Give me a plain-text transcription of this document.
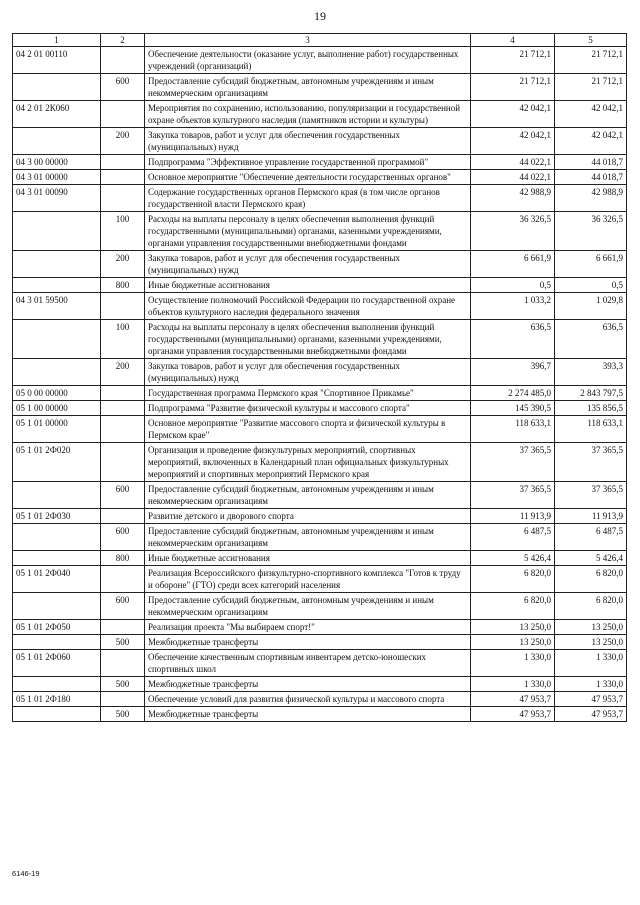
19
1	2	3	4	5
04 2 01 00110		Обеспечение деятельности (оказание услуг, выполнение работ) государственных учреждений (организаций)	21 712,1	21 712,1
	600	Предоставление субсидий бюджетным, автономным учреждениям и иным некоммерческим организациям	21 712,1	21 712,1
04 2 01 2К060		Мероприятия по сохранению, использованию, популяризации и государственной охране объектов культурного наследия (памятников истории и культуры)	42 042,1	42 042,1
	200	Закупка товаров, работ и услуг для обеспечения государственных (муниципальных) нужд	42 042,1	42 042,1
04 3 00 00000		Подпрограмма "Эффективное управление государственной программой"	44 022,1	44 018,7
04 3 01 00000		Основное мероприятие "Обеспечение деятельности государственных органов"	44 022,1	44 018,7
04 3 01 00090		Содержание государственных органов Пермского края (в том числе органов государственной власти Пермского края)	42 988,9	42 988,9
	100	Расходы на выплаты персоналу в целях обеспечения выполнения функций государственными (муниципальными) органами, казенными учреждениями, органами управления государственными внебюджетными фондами	36 326,5	36 326,5
	200	Закупка товаров, работ и услуг для обеспечения государственных (муниципальных) нужд	6 661,9	6 661,9
	800	Иные бюджетные ассигнования	0,5	0,5
04 3 01 59500		Осуществление полномочий Российской Федерации по государственной охране объектов культурного наследия федерального значения	1 033,2	1 029,8
	100	Расходы на выплаты персоналу в целях обеспечения выполнения функций государственными (муниципальными) органами, казенными учреждениями, органами управления государственными внебюджетными фондами	636,5	636,5
	200	Закупка товаров, работ и услуг для обеспечения государственных (муниципальных) нужд	396,7	393,3
05 0 00 00000		Государственная программа Пермского края "Спортивное Прикамье"	2 274 485,0	2 843 797,5
05 1 00 00000		Подпрограмма "Развитие физической культуры и массового спорта"	145 390,5	135 856,5
05 1 01 00000		Основное мероприятие "Развитие массового спорта и физической культуры в Пермском крае"	118 633,1	118 633,1
05 1 01 2Ф020		Организация и проведение физкультурных мероприятий, спортивных мероприятий, включенных в Календарный план официальных физкультурных мероприятий и спортивных мероприятий Пермского края	37 365,5	37 365,5
	600	Предоставление субсидий бюджетным, автономным учреждениям и иным некоммерческим организациям	37 365,5	37 365,5
05 1 01 2Ф030		Развитие детского и дворового спорта	11 913,9	11 913,9
	600	Предоставление субсидий бюджетным, автономным учреждениям и иным некоммерческим организациям	6 487,5	6 487,5
	800	Иные бюджетные ассигнования	5 426,4	5 426,4
05 1 01 2Ф040		Реализация Всероссийского физкультурно-спортивного комплекса "Готов к труду и обороне" (ГТО) среди всех категорий населения	6 820,0	6 820,0
	600	Предоставление субсидий бюджетным, автономным учреждениям и иным некоммерческим организациям	6 820,0	6 820,0
05 1 01 2Ф050		Реализация проекта "Мы выбираем спорт!"	13 250,0	13 250,0
	500	Межбюджетные трансферты	13 250,0	13 250,0
05 1 01 2Ф060		Обеспечение качественным спортивным инвентарем детско-юношеских спортивных школ	1 330,0	1 330,0
	500	Межбюджетные трансферты	1 330,0	1 330,0
05 1 01 2Ф180		Обеспечение условий для развития физической культуры и массового спорта	47 953,7	47 953,7
	500	Межбюджетные трансферты	47 953,7	47 953,7
6146-19
